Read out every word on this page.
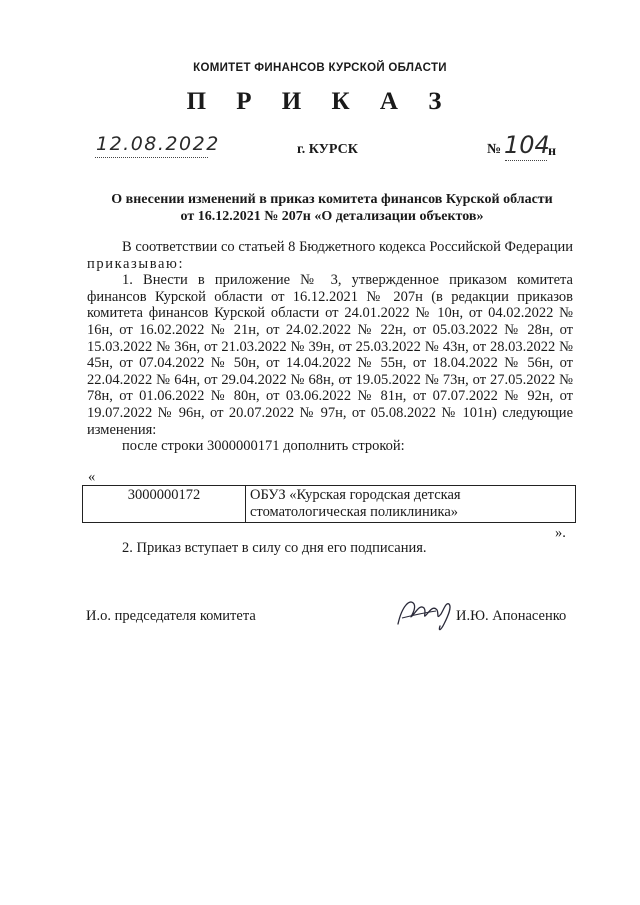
КОМИТЕТ ФИНАНСОВ КУРСКОЙ ОБЛАСТИ
П Р И К А З
12.08.2022	г. КУРСК	№ 104
н
О внесении изменений в приказ комитета финансов Курской области
от 16.12.2021 № 207н «О детализации объектов»

В соответствии со статьей 8 Бюджетного кодекса Российской Федерации приказываю:

1. Внести в приложение № 3, утвержденное приказом комитета финансов Курской области от 16.12.2021 № 207н (в редакции приказов комитета финансов Курской области от 24.01.2022 № 10н, от 04.02.2022 № 16н, от 16.02.2022 № 21н, от 24.02.2022 № 22н, от 05.03.2022 № 28н, от 15.03.2022 № 36н, от 21.03.2022 № 39н, от 25.03.2022 № 43н, от 28.03.2022 № 45н, от 07.04.2022 № 50н, от 14.04.2022 № 55н, от 18.04.2022 № 56н, от 22.04.2022 № 64н, от 29.04.2022 № 68н, от 19.05.2022 № 73н, от 27.05.2022 № 78н, от 01.06.2022 № 80н, от 03.06.2022 № 81н, от 07.07.2022 № 92н, от 19.07.2022 № 96н, от 20.07.2022 № 97н, от 05.08.2022 № 101н) следующие изменения:

после строки 3000000171 дополнить строкой:

«
3000000172	ОБУЗ «Курская городская детская
стоматологическая поликлиника»
».
2. Приказ вступает в силу со дня его подписания.
И.о. председателя комитета	И.Ю. Апонасенко
